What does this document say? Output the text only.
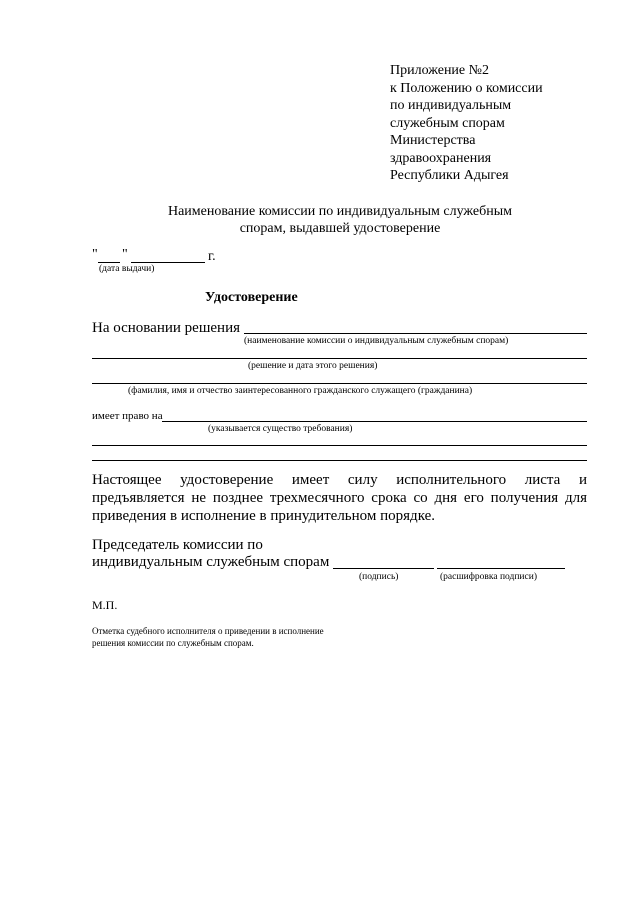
Приложение №2
к Положению о комиссии
по индивидуальным
служебным спорам
Министерства
здравоохранения
Республики Адыгея
Наименование комиссии по индивидуальным служебным
спорам, выдавшей удостоверение
" "	г.
(дата выдачи)
Удостоверение
На основании решения
(наименование комиссии о индивидуальным служебным спорам)
(решение и дата этого решения)
(фамилия, имя и отчество заинтересованного гражданского служащего (гражданина)
имеет право на
(указывается существо требования)
Настоящее удостоверение имеет силу исполнительного листа и
предъявляется не позднее трехмесячного срока со дня его получения для
приведения в исполнение в принудительном порядке.
Председатель комиссии по
индивидуальным служебным спорам
(подпись)	(расшифровка подписи)
М.П.
Отметка судебного исполнителя о приведении в исполнение
решения комиссии по служебным спорам.
